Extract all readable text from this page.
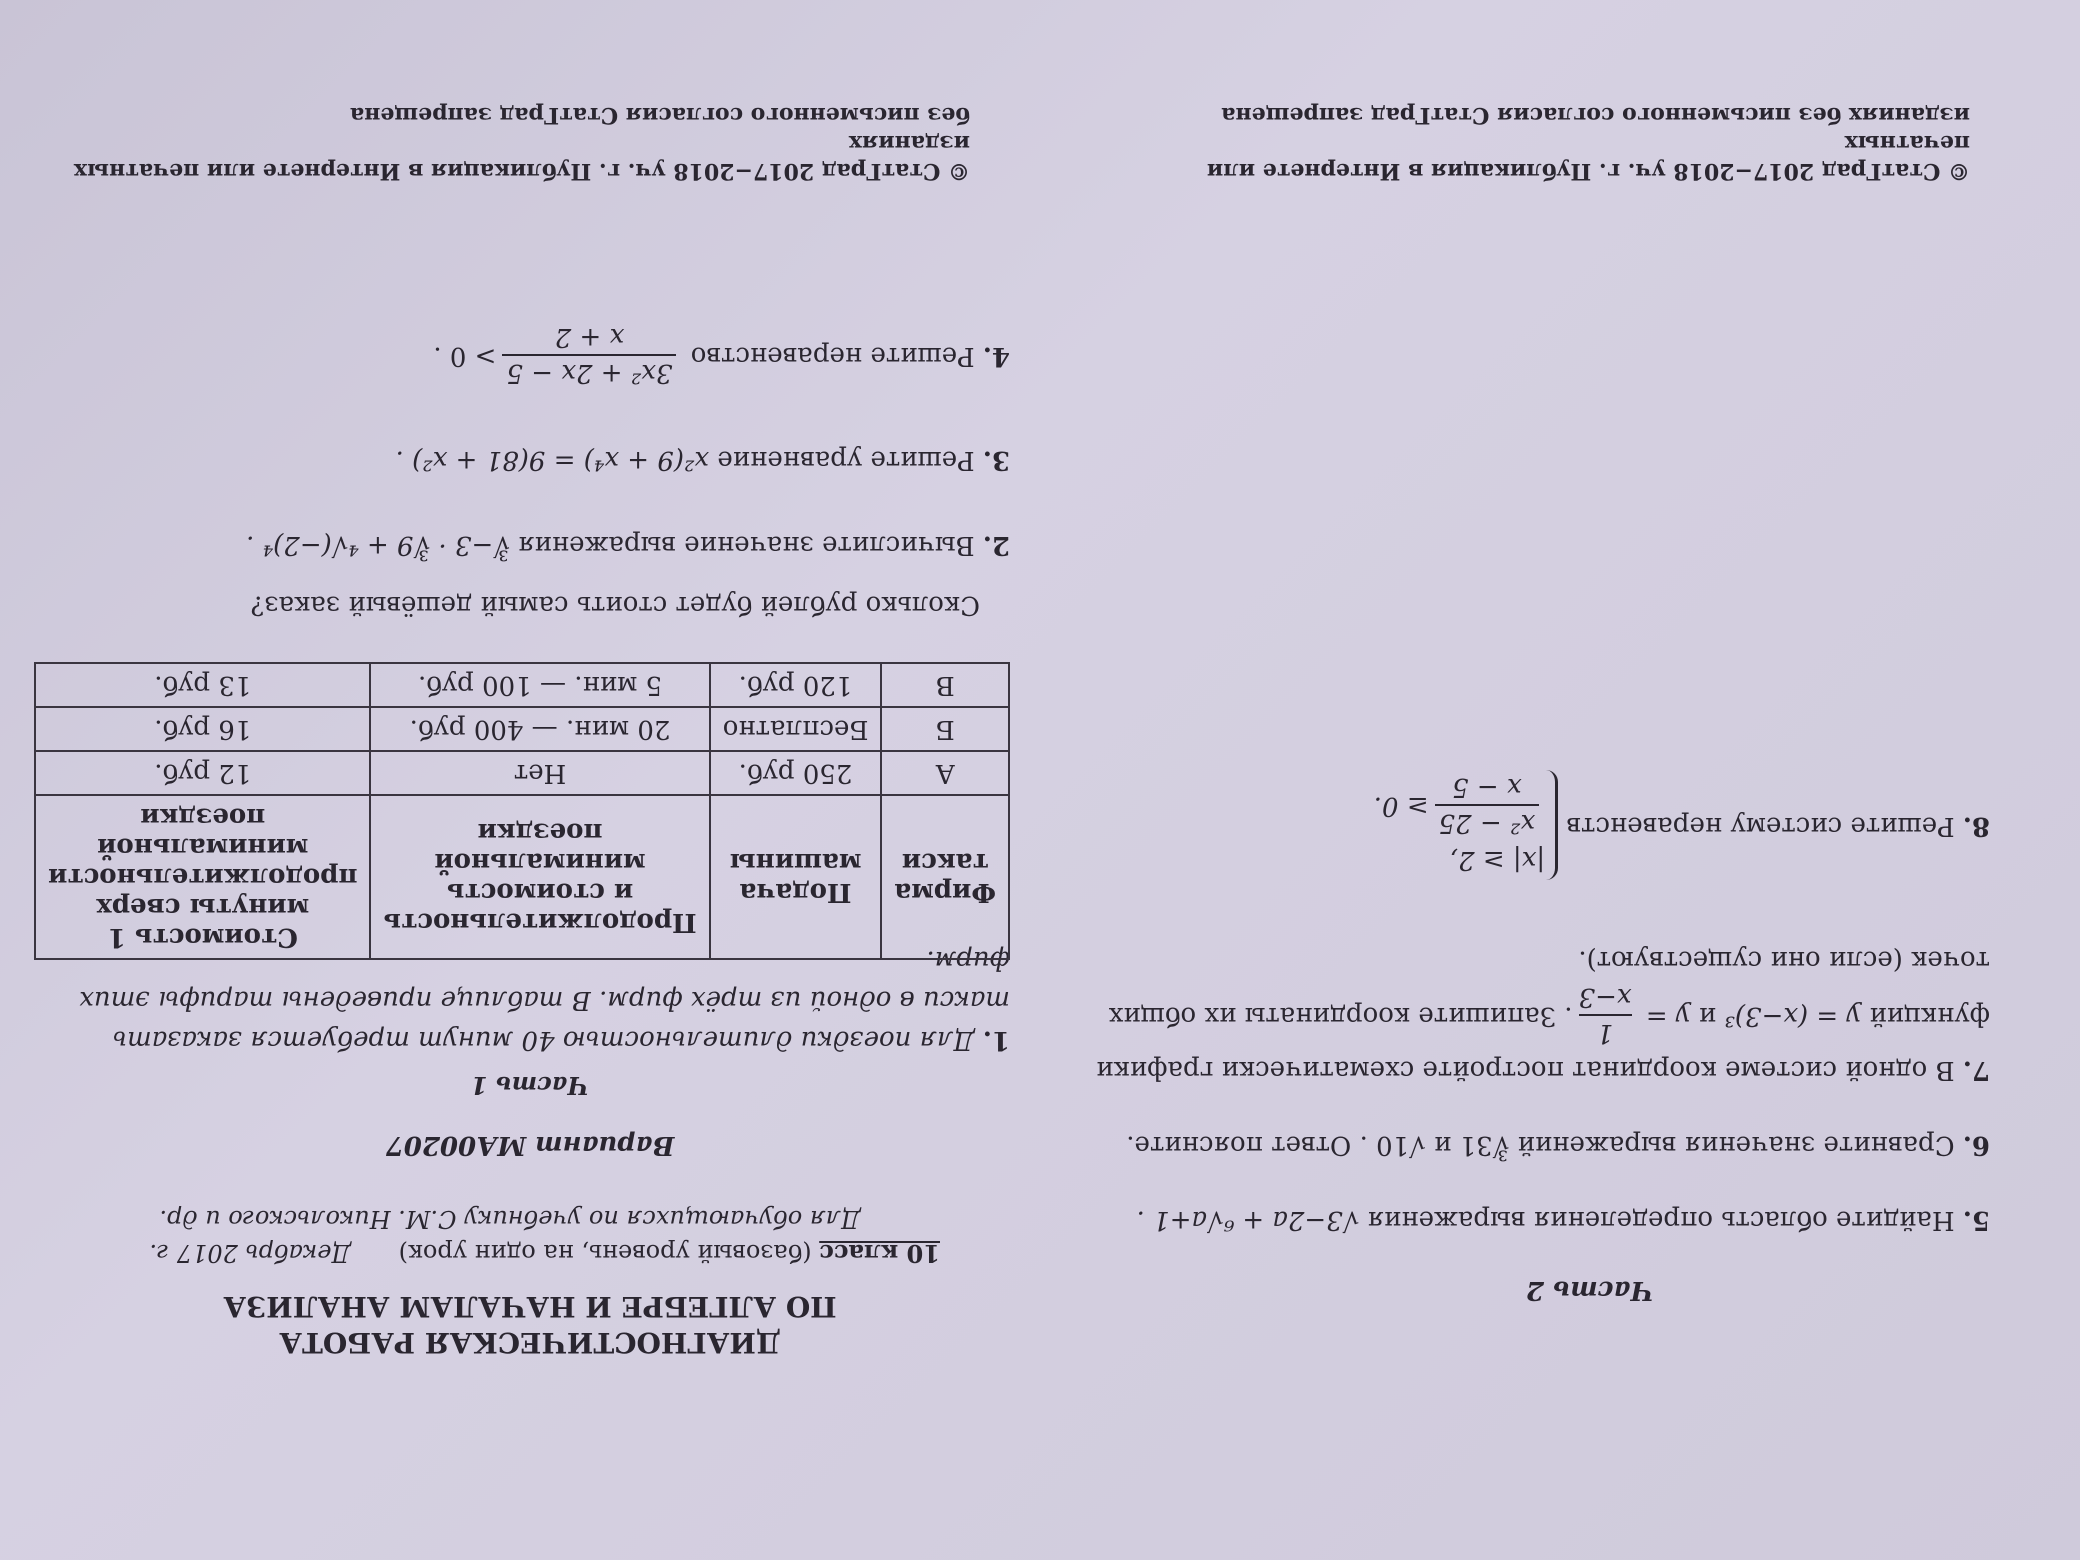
© СтатГрад 2017−2018 уч. г. Публикация в Интернете или печатных
изданиях без письменного согласия СтатГрад запрещена
Часть 2
5. Найдите область определения выражения √3−2a + ⁶√a+1 .
6. Сравните значения выражений ∛31 и √10 . Ответ поясните.
7. В одной системе координат постройте схематически графики функций y = (x−3)³ и y =
1
x−3
. Запишите координаты их общих точек (если они существуют).
8. Решите систему неравенств
|x| ≥ 2,
x² − 25
x − 5
≥ 0.
© СтатГрад 2017−2018 уч. г. Публикация в Интернете или печатных изданиях
без письменного согласия СтатГрад запрещена
ДИАГНОСТИЧЕСКАЯ РАБОТА
ПО АЛГЕБРЕ И НАЧАЛАМ АНАЛИЗА
10 класс (базовый уровень, на один урок) Декабрь 2017 г.
Для обучающихся по учебнику С.М. Никольского и др.
Вариант МА00207
Часть 1
1. Для поездки длительностью 40 минут требуется заказать такси в одной из трёх фирм. В таблице приведены тарифы этих фирм.
Фирма такси	Подача машины	Продолжительность и стоимость минимальной поездки	Стоимость 1 минуты сверх продолжительности минимальной поездки
А	250 руб.	Нет	12 руб.
Б	Бесплатно	20 мин. — 400 руб.	16 руб.
В	120 руб.	5 мин. — 100 руб.	13 руб.
Сколько рублей будет стоить самый дешёвый заказ?
2. Вычислите значение выражения ∛−3 · ∛9 + ⁴√(−2)⁴ .
3. Решите уравнение x²(9 + x⁴) = 9(81 + x²) .
4. Решите неравенство
3x² + 2x − 5
x + 2
> 0 .
